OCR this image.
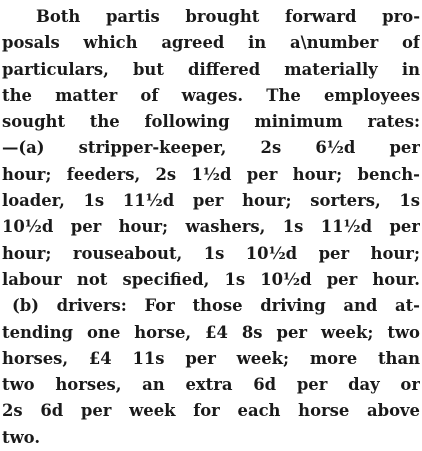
Both partis brought forward pro-
posals which agreed in a\number of
particulars, but differed materially in
the matter of wages. The employees
sought the following minimum rates:
—(a) stripper-keeper, 2s 6½d per
hour; feeders, 2s 1½d per hour; bench-
loader, 1s 11½d per hour; sorters, 1s
10½d per hour; washers, 1s 11½d per
hour; rouseabout, 1s 10½d per hour;
labour not specified, 1s 10½d per hour.
(b) drivers: For those driving and at-
tending one horse, £4 8s per week; two
horses, £4 11s per week; more than
two horses, an extra 6d per day or
2s 6d per week for each horse above
two.
